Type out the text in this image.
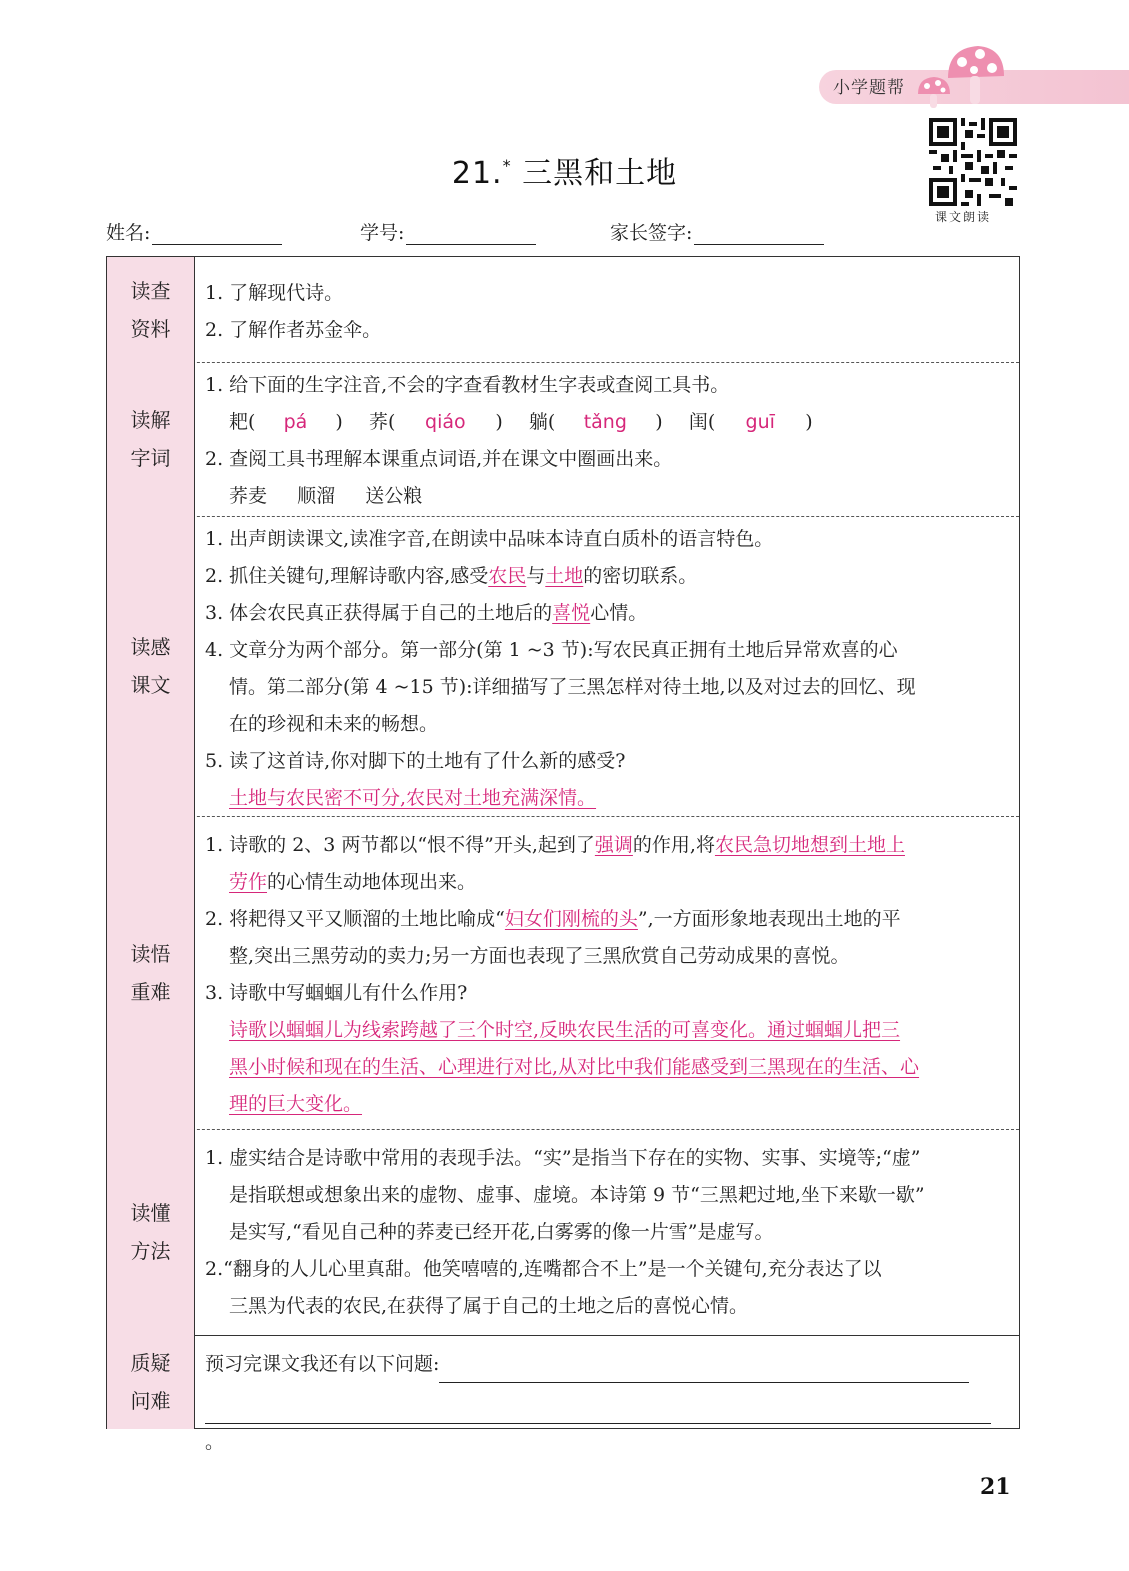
小学题帮
课文朗读
21.* 三黑和土地
姓名:	学号:	家长签字:
读查
资料
1. 了解现代诗。
2. 了解作者苏金伞。
读解
字词
1. 给下面的生字注音,不会的字查看教材生字表或查阅工具书。
耙( pá ) 荞( qiáo ) 躺( tǎng ) 闺( guī )
2. 查阅工具书理解本课重点词语,并在课文中圈画出来。
荞麦 顺溜 送公粮
读感
课文
1. 出声朗读课文,读准字音,在朗读中品味本诗直白质朴的语言特色。
2. 抓住关键句,理解诗歌内容,感受农民与土地的密切联系。
3. 体会农民真正获得属于自己的土地后的喜悦心情。
4. 文章分为两个部分。第一部分(第 1 ~3 节):写农民真正拥有土地后异常欢喜的心
情。第二部分(第 4 ~15 节):详细描写了三黑怎样对待土地,以及对过去的回忆、现
在的珍视和未来的畅想。
5. 读了这首诗,你对脚下的土地有了什么新的感受?
土地与农民密不可分,农民对土地充满深情。
读悟
重难
1. 诗歌的 2、3 两节都以“恨不得”开头,起到了强调的作用,将农民急切地想到土地上
劳作的心情生动地体现出来。
2. 将耙得又平又顺溜的土地比喻成“妇女们刚梳的头”,一方面形象地表现出土地的平
整,突出三黑劳动的卖力;另一方面也表现了三黑欣赏自己劳动成果的喜悦。
3. 诗歌中写蝈蝈儿有什么作用?
诗歌以蝈蝈儿为线索跨越了三个时空,反映农民生活的可喜变化。通过蝈蝈儿把三
黑小时候和现在的生活、心理进行对比,从对比中我们能感受到三黑现在的生活、心
理的巨大变化。
读懂
方法
1. 虚实结合是诗歌中常用的表现手法。“实”是指当下存在的实物、实事、实境等;“虚”
是指联想或想象出来的虚物、虚事、虚境。本诗第 9 节“三黑耙过地,坐下来歇一歇”
是实写,“看见自己种的荞麦已经开花,白雾雾的像一片雪”是虚写。
2.“翻身的人儿心里真甜。他笑嘻嘻的,连嘴都合不上”是一个关键句,充分表达了以
三黑为代表的农民,在获得了属于自己的土地之后的喜悦心情。
质疑
问难
预习完课文我还有以下问题:
。
21
